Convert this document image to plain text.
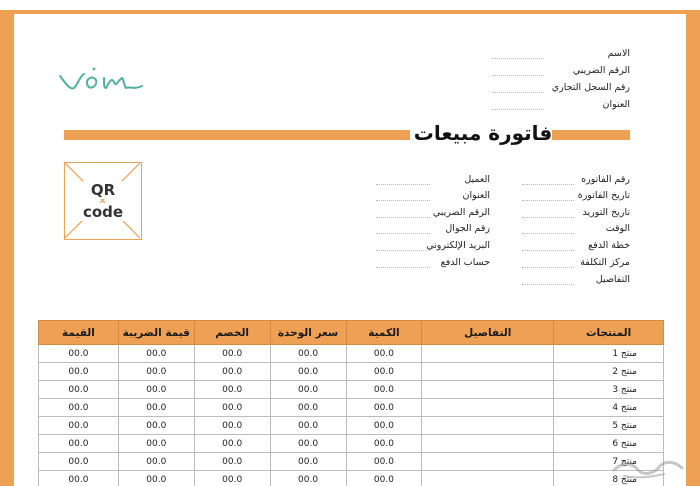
الاسم
الرقم الضريبي
رقم السجل التجاري
العنوان
فاتورة مبيعات
QR
code
رقم الفاتوره
تاريخ الفاتورة
تاريخ التوريد
الوقت
خطة الدفع
مركز التكلفة
التفاصيل
العميل
العنوان
الرقم الضريبي
رقم الجوال
البريد الإلكتروني
حساب الدفع
القيمة	قيمة الضريبة	الخصم	سعر الوحدة	الكمية	التفاصيل	المنتجات
00.0	00.0	00.0	00.0	00.0		منتج 1
00.0	00.0	00.0	00.0	00.0		منتج 2
00.0	00.0	00.0	00.0	00.0		منتج 3
00.0	00.0	00.0	00.0	00.0		منتج 4
00.0	00.0	00.0	00.0	00.0		منتج 5
00.0	00.0	00.0	00.0	00.0		منتج 6
00.0	00.0	00.0	00.0	00.0		منتج 7
00.0	00.0	00.0	00.0	00.0		منتج 8
